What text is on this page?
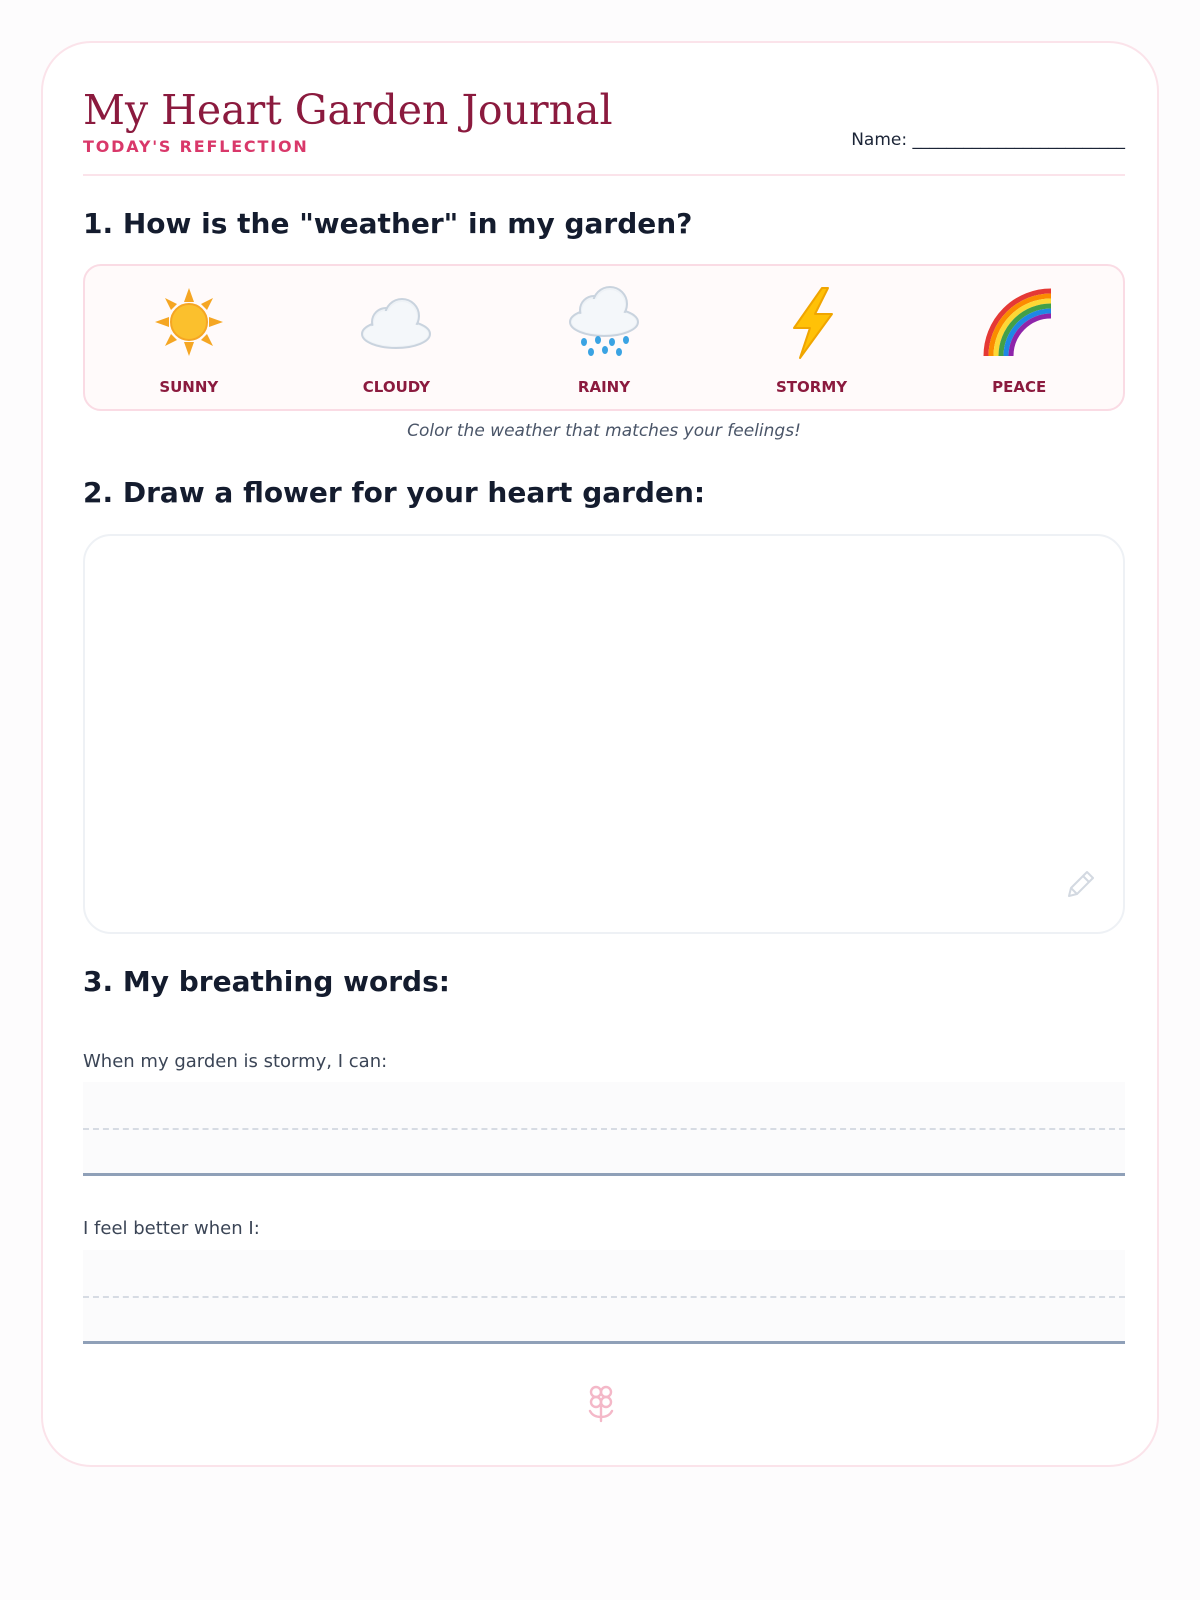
My Heart Garden Journal
TODAY'S REFLECTION	Name: _________________________
1. How is the "weather" in my garden?
SUNNY	CLOUDY	RAINY	STORMY	PEACE
Color the weather that matches your feelings!
2. Draw a flower for your heart garden:
3. My breathing words:
When my garden is stormy, I can:
I feel better when I:
